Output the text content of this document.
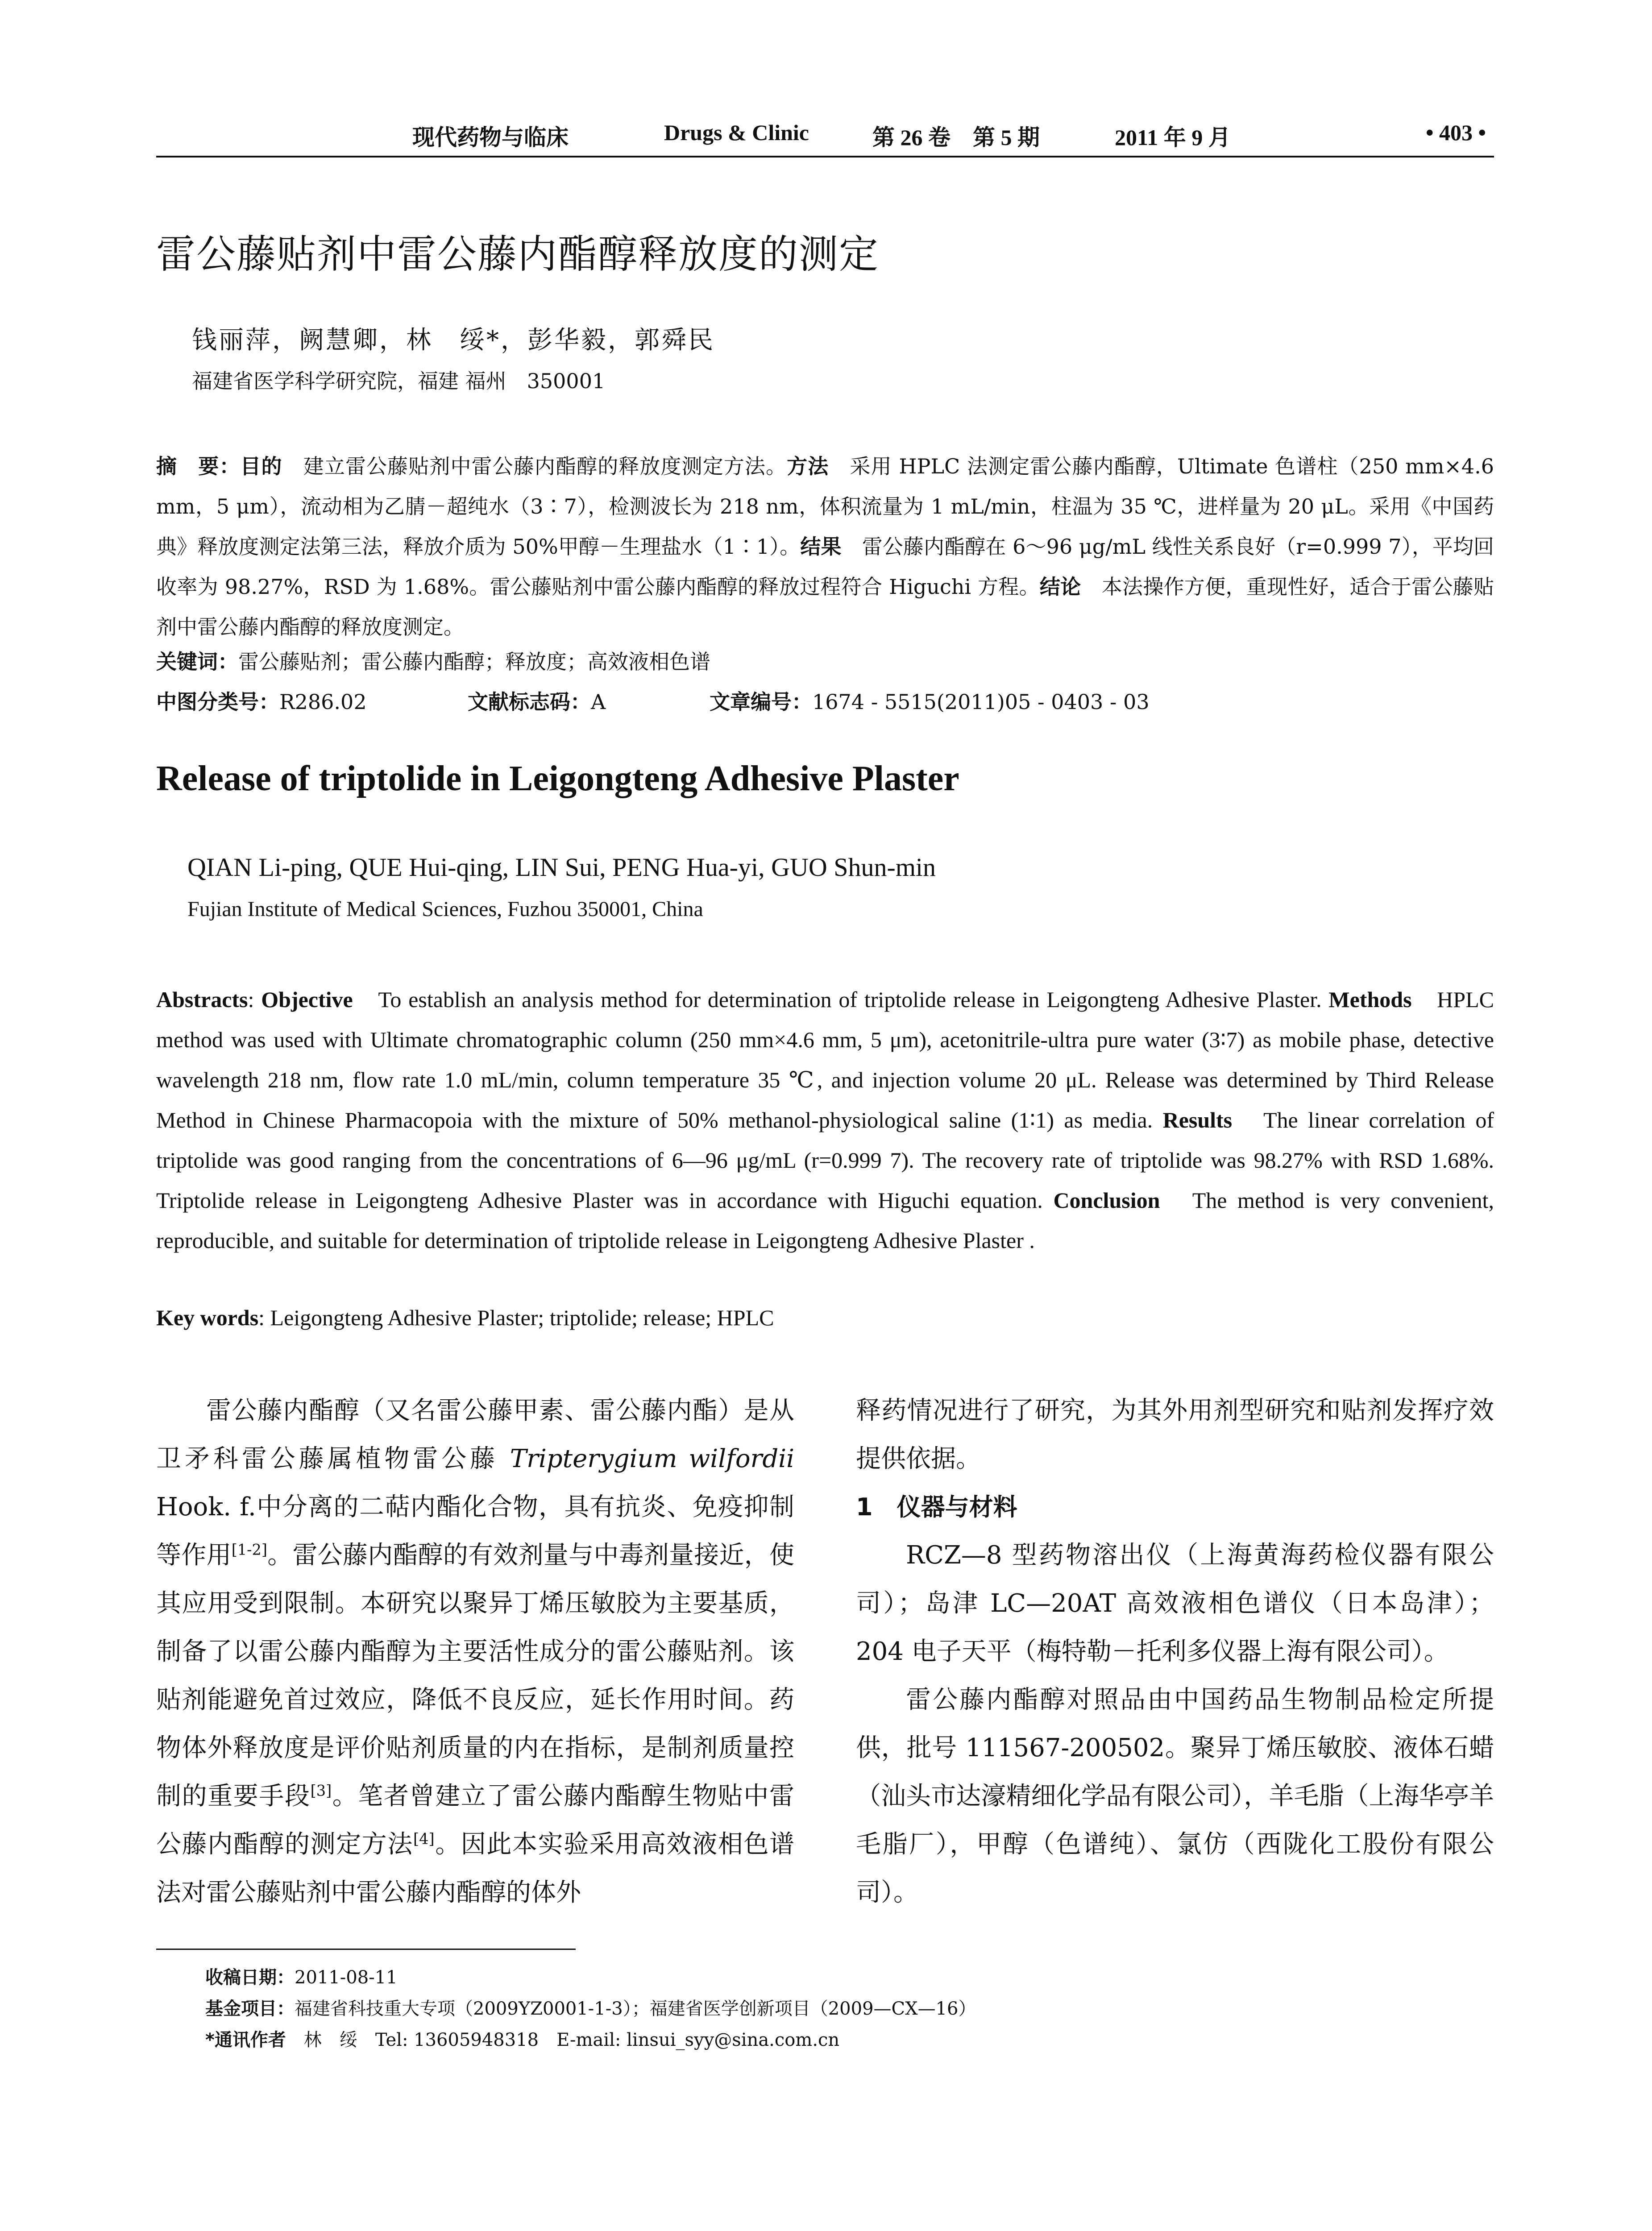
现代药物与临床	Drugs & Clinic	第 26 卷　第 5 期	2011 年 9 月	• 403 •
雷公藤贴剂中雷公藤内酯醇释放度的测定
钱丽萍，阙慧卿，林　绥*，彭华毅，郭舜民
福建省医学科学研究院，福建 福州　350001
摘　要：目的　建立雷公藤贴剂中雷公藤内酯醇的释放度测定方法。方法　采用 HPLC 法测定雷公藤内酯醇，Ultimate 色谱柱（250 mm×4.6 mm，5 μm），流动相为乙腈－超纯水（3∶7），检测波长为 218 nm，体积流量为 1 mL/min，柱温为 35 ℃，进样量为 20 μL。采用《中国药典》释放度测定法第三法，释放介质为 50%甲醇－生理盐水（1∶1）。结果　雷公藤内酯醇在 6～96 μg/mL 线性关系良好（r=0.999 7），平均回收率为 98.27%，RSD 为 1.68%。雷公藤贴剂中雷公藤内酯醇的释放过程符合 Higuchi 方程。结论　本法操作方便，重现性好，适合于雷公藤贴剂中雷公藤内酯醇的释放度测定。
关键词：雷公藤贴剂；雷公藤内酯醇；释放度；高效液相色谱
中图分类号：R286.02	文献标志码：A	文章编号：1674 - 5515(2011)05 - 0403 - 03
Release of triptolide in Leigongteng Adhesive Plaster
QIAN Li-ping, QUE Hui-qing, LIN Sui, PENG Hua-yi, GUO Shun-min
Fujian Institute of Medical Sciences, Fuzhou 350001, China
Abstracts: Objective　To establish an analysis method for determination of triptolide release in Leigongteng Adhesive Plaster. Methods　HPLC method was used with Ultimate chromatographic column (250 mm×4.6 mm, 5 μm), acetonitrile-ultra pure water (3∶7) as mobile phase, detective wavelength 218 nm, flow rate 1.0 mL/min, column temperature 35 ℃, and injection volume 20 μL. Release was determined by Third Release Method in Chinese Pharmacopoia with the mixture of 50% methanol-physiological saline (1∶1) as media. Results　The linear correlation of triptolide was good ranging from the concentrations of 6—96 μg/mL (r=0.999 7). The recovery rate of triptolide was 98.27% with RSD 1.68%. Triptolide release in Leigongteng Adhesive Plaster was in accordance with Higuchi equation. Conclusion　The method is very convenient, reproducible, and suitable for determination of triptolide release in Leigongteng Adhesive Plaster .
Key words: Leigongteng Adhesive Plaster; triptolide; release; HPLC

雷公藤内酯醇（又名雷公藤甲素、雷公藤内酯）是从卫矛科雷公藤属植物雷公藤 Tripterygium wilfordii Hook. f.中分离的二萜内酯化合物，具有抗炎、免疫抑制等作用[1-2]。雷公藤内酯醇的有效剂量与中毒剂量接近，使其应用受到限制。本研究以聚异丁烯压敏胶为主要基质，制备了以雷公藤内酯醇为主要活性成分的雷公藤贴剂。该贴剂能避免首过效应，降低不良反应，延长作用时间。药物体外释放度是评价贴剂质量的内在指标，是制剂质量控制的重要手段[3]。笔者曾建立了雷公藤内酯醇生物贴中雷公藤内酯醇的测定方法[4]。因此本实验采用高效液相色谱法对雷公藤贴剂中雷公藤内酯醇的体外

释药情况进行了研究，为其外用剂型研究和贴剂发挥疗效提供依据。

1　仪器与材料

RCZ—8 型药物溶出仪（上海黄海药检仪器有限公司）；岛津 LC—20AT 高效液相色谱仪（日本岛津）；204 电子天平（梅特勒－托利多仪器上海有限公司）。

雷公藤内酯醇对照品由中国药品生物制品检定所提供，批号 111567-200502。聚异丁烯压敏胶、液体石蜡（汕头市达濠精细化学品有限公司），羊毛脂（上海华亭羊毛脂厂），甲醇（色谱纯）、氯仿（西陇化工股份有限公司）。

收稿日期：2011-08-11
基金项目：福建省科技重大专项（2009YZ0001-1-3）；福建省医学创新项目（2009—CX—16）
*通讯作者　林　绥　Tel: 13605948318　E-mail: linsui_syy@sina.com.cn
